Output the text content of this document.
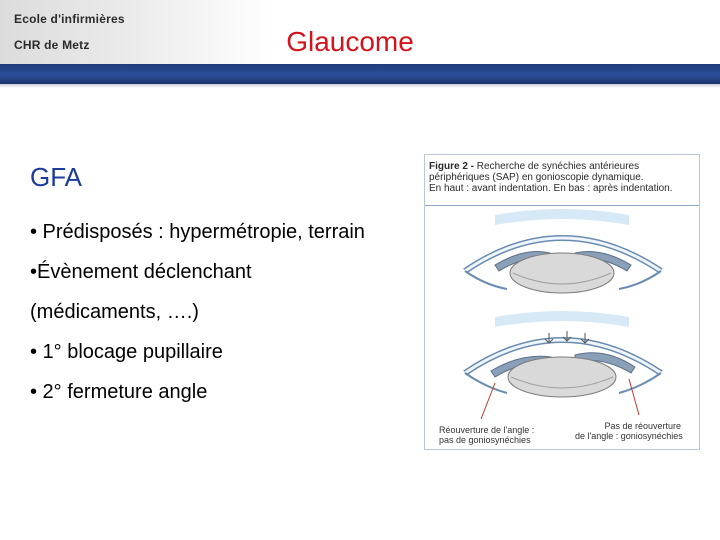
Ecole d'infirmières
CHR de Metz	Glaucome
GFA
• Prédisposés : hypermétropie, terrain
•Évènement déclenchant
(médicaments, ….)
• 1° blocage pupillaire
• 2° fermeture angle
Figure 2 - Recherche de synéchies antérieures
périphériques (SAP) en gonioscopie dynamique.
En haut : avant indentation. En bas : après indentation.
Réouverture de l'angle :
pas de goniosynéchies
Pas de réouverture
de l'angle : goniosynéchies
